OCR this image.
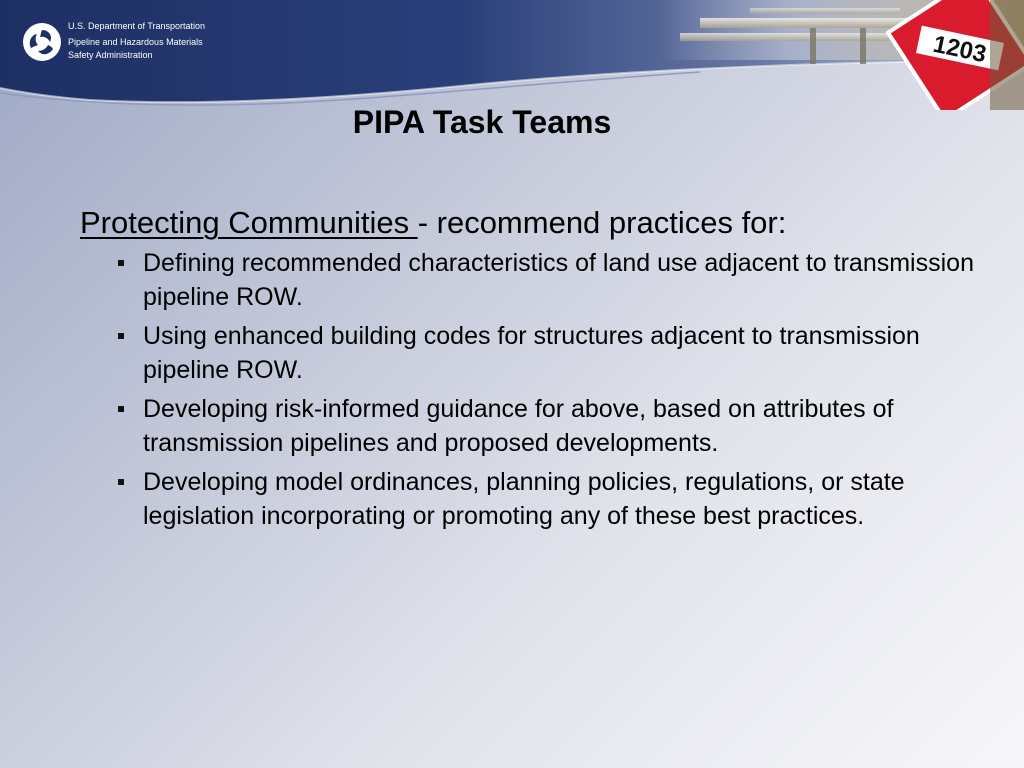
U.S. Department of Transportation
Pipeline and Hazardous Materials
Safety Administration	1203
PIPA Task Teams

Protecting Communities - recommend practices for:

Defining recommended characteristics of land use adjacent to transmission pipeline ROW.
Using enhanced building codes for structures adjacent to transmission pipeline ROW.
Developing risk-informed guidance for above, based on attributes of transmission pipelines and proposed developments.
Developing model ordinances, planning policies, regulations, or state legislation incorporating or promoting any of these best practices.
